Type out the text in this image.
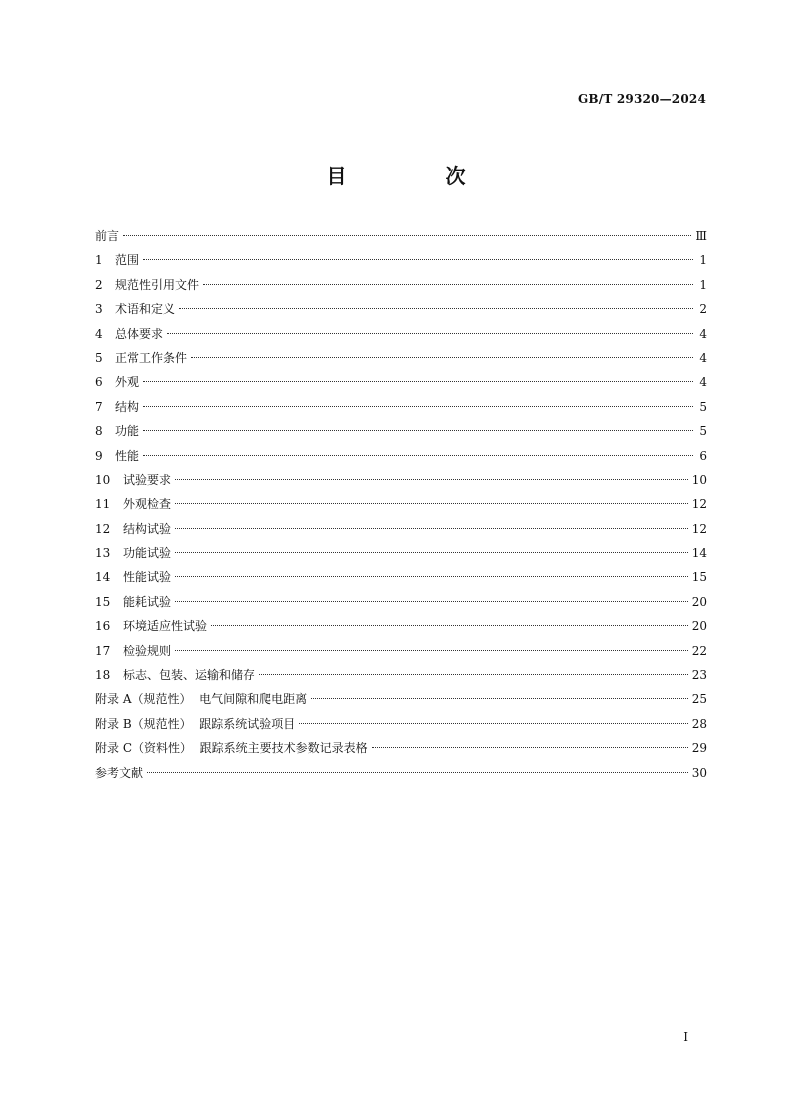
GB/T 29320—2024
目 次
前言	Ⅲ
1	范围	1
2	规范性引用文件	1
3	术语和定义	2
4	总体要求	4
5	正常工作条件	4
6	外观	4
7	结构	5
8	功能	5
9	性能	6
10	试验要求	10
11	外观检查	12
12	结构试验	12
13	功能试验	14
14	性能试验	15
15	能耗试验	20
16	环境适应性试验	20
17	检验规则	22
18	标志、包装、运输和储存	23
附录 A（规范性）  电气间隙和爬电距离	25
附录 B（规范性）  跟踪系统试验项目	28
附录 C（资料性）  跟踪系统主要技术参数记录表格	29
参考文献	30
I
